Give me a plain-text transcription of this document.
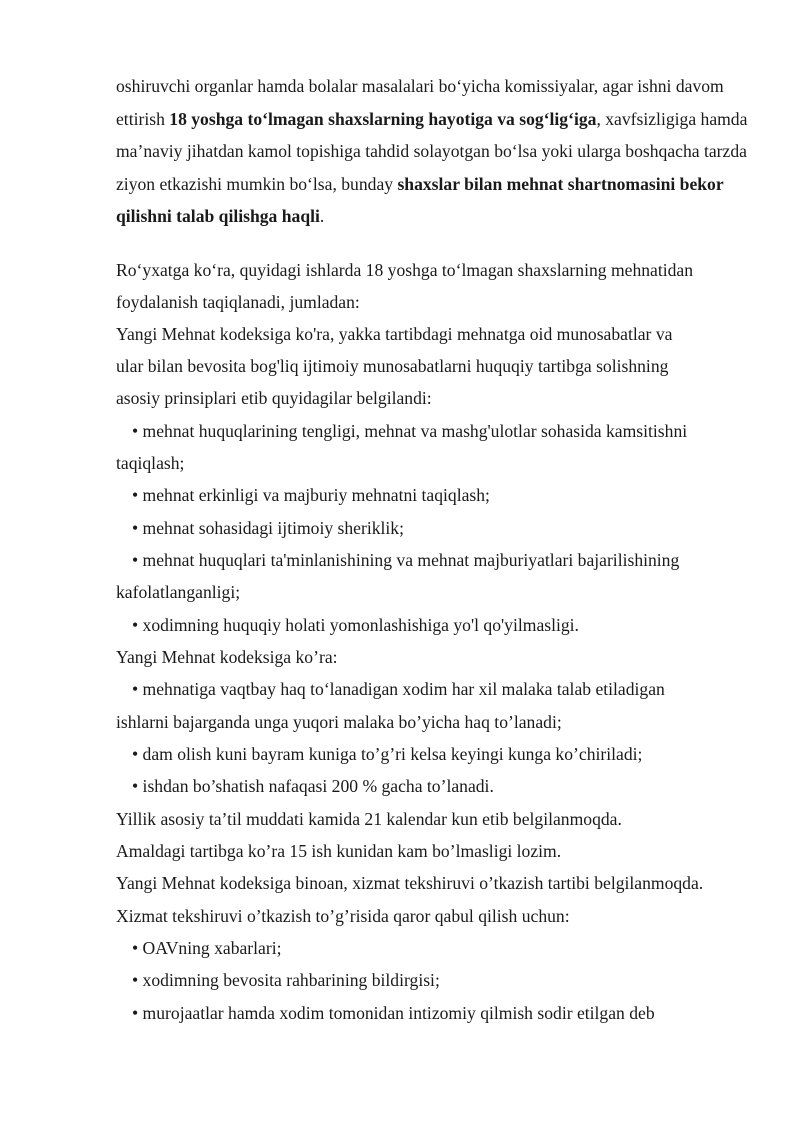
oshiruvchi organlar hamda bolalar masalalari bo‘yicha komissiyalar, agar ishni davom ettirish 18 yoshga to‘lmagan shaxslarning hayotiga va sog‘lig‘iga, xavfsizligiga hamda ma’naviy jihatdan kamol topishiga tahdid solayotgan bo‘lsa yoki ularga boshqacha tarzda ziyon etkazishi mumkin bo‘lsa, bunday shaxslar bilan mehnat shartnomasini bekor qilishni talab qilishga haqli.

Ro‘yxatga ko‘ra, quyidagi ishlarda 18 yoshga to‘lmagan shaxslarning mehnatidan
foydalanish taqiqlanadi, jumladan:
Yangi Mehnat kodeksiga ko'ra, yakka tartibdagi mehnatga oid munosabatlar va
ular bilan bevosita bog'liq ijtimoiy munosabatlarni huquqiy tartibga solishning
asosiy prinsiplari etib quyidagilar belgilandi:
• mehnat huquqlarining tengligi, mehnat va mashg'ulotlar sohasida kamsitishni
taqiqlash;
• mehnat erkinligi va majburiy mehnatni taqiqlash;
• mehnat sohasidagi ijtimoiy sheriklik;
• mehnat huquqlari ta'minlanishining va mehnat majburiyatlari bajarilishining
kafolatlanganligi;
• xodimning huquqiy holati yomonlashishiga yo'l qo'yilmasligi.
Yangi Mehnat kodeksiga ko’ra:
• mehnatiga vaqtbay haq to‘lanadigan xodim har xil malaka talab etiladigan
ishlarni bajarganda unga yuqori malaka bo’yicha haq to’lanadi;
• dam olish kuni bayram kuniga to’g’ri kelsa keyingi kunga ko’chiriladi;
• ishdan bo’shatish nafaqasi 200 % gacha to’lanadi.
Yillik asosiy ta’til muddati kamida 21 kalendar kun etib belgilanmoqda.
Amaldagi tartibga ko’ra 15 ish kunidan kam bo’lmasligi lozim.
Yangi Mehnat kodeksiga binoan, xizmat tekshiruvi o’tkazish tartibi belgilanmoqda.
Xizmat tekshiruvi o’tkazish to’g’risida qaror qabul qilish uchun:
• OAVning xabarlari;
• xodimning bevosita rahbarining bildirgisi;
• murojaatlar hamda xodim tomonidan intizomiy qilmish sodir etilgan deb
